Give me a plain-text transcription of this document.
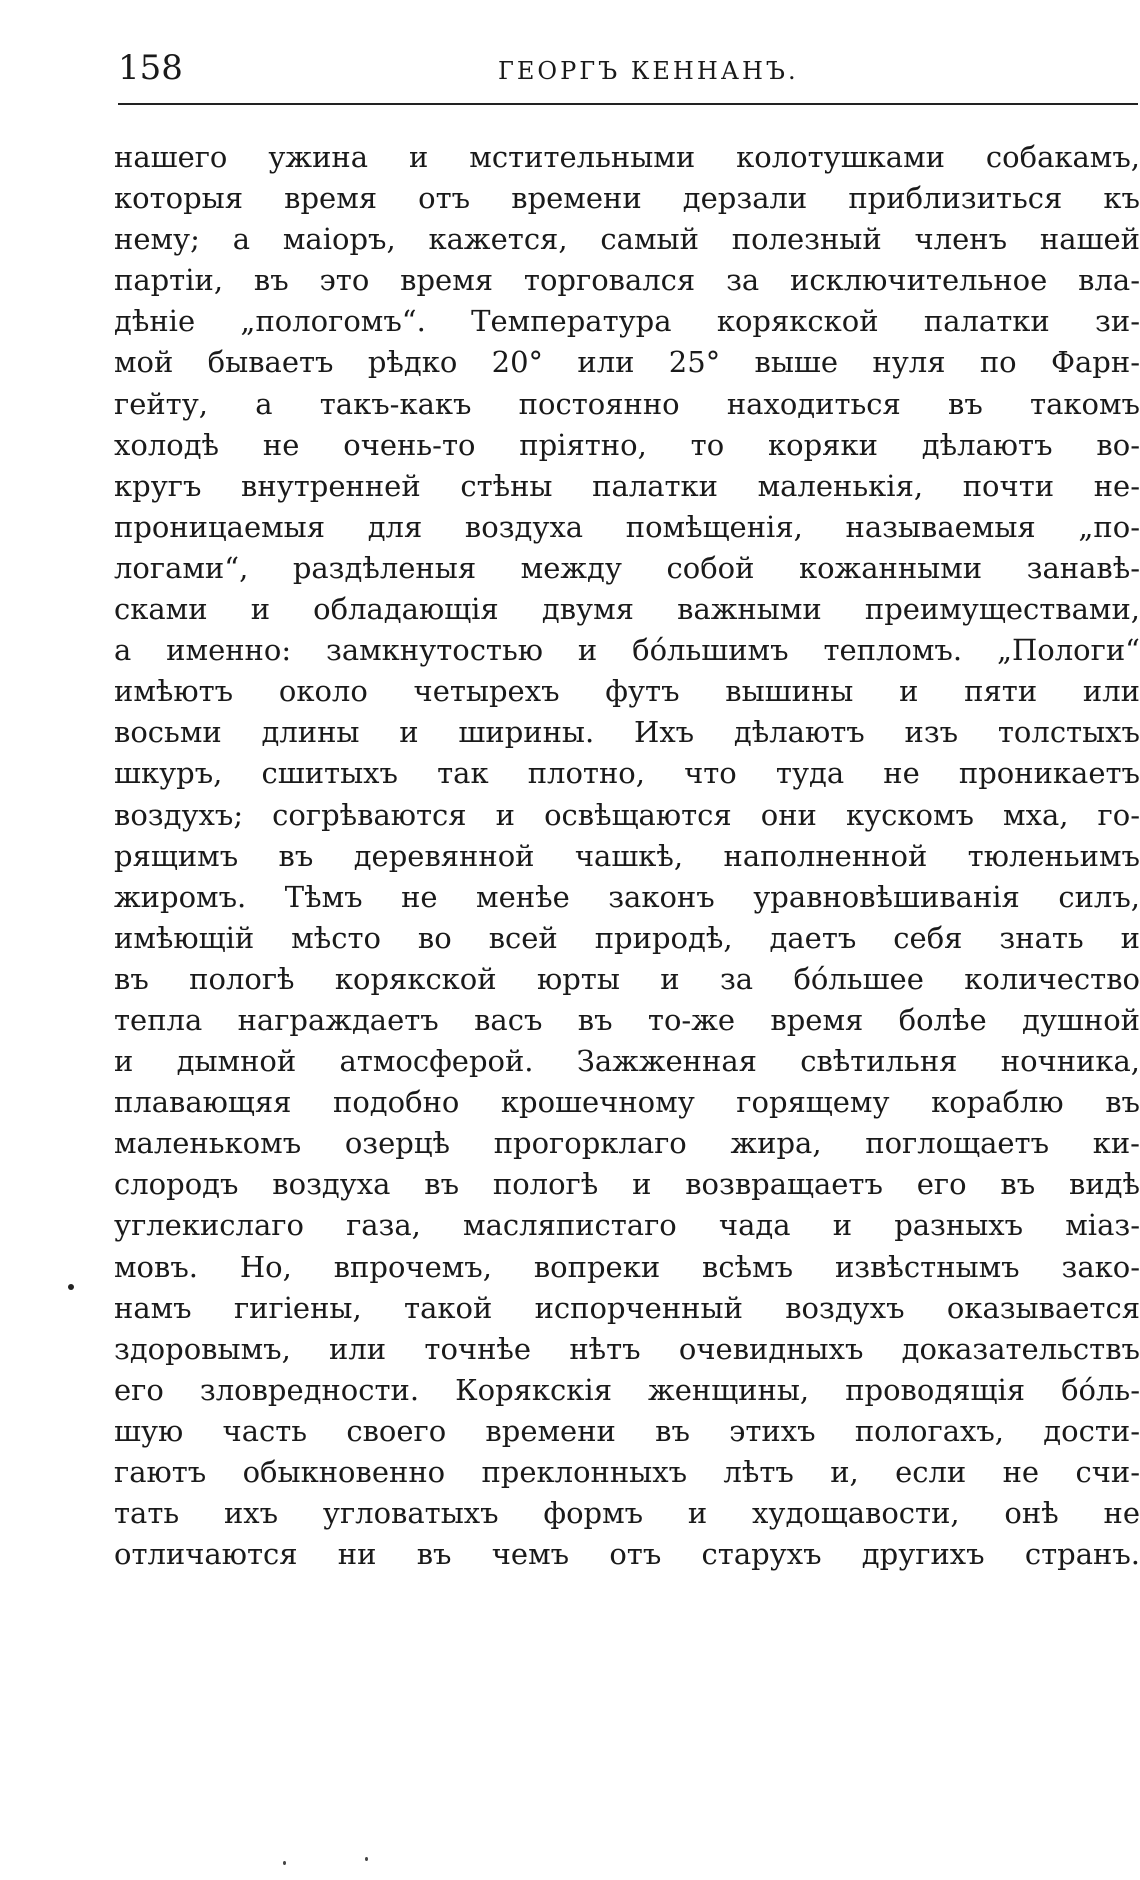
158	ГЕОРГЪ КЕННАНЪ.
нашего ужина и мстительными колотушками собакамъ,
которыя время отъ времени дерзали приблизиться къ
нему; а маіоръ, кажется, самый полезный членъ нашей
партіи, въ это время торговался за исключительное вла-
дѣніе „пологомъ“. Температура корякской палатки зи-
мой бываетъ рѣдко 20° или 25° выше нуля по Фарн-
гейту, а такъ-какъ постоянно находиться въ такомъ
холодѣ не очень-то пріятно, то коряки дѣлаютъ во-
кругъ внутренней стѣны палатки маленькія, почти не-
проницаемыя для воздуха помѣщенія, называемыя „по-
логами“, раздѣленыя между собой кожанными занавѣ-
сками и обладающія двумя важными преимуществами,
а именно: замкнутостью и бóльшимъ тепломъ. „Пологи“
имѣютъ около четырехъ футъ вышины и пяти или
восьми длины и ширины. Ихъ дѣлаютъ изъ толстыхъ
шкуръ, сшитыхъ так плотно, что туда не проникаетъ
воздухъ; согрѣваются и освѣщаются они кускомъ мха, го-
рящимъ въ деревянной чашкѣ, наполненной тюленьимъ
жиромъ. Тѣмъ не менѣе законъ уравновѣшиванія силъ,
имѣющій мѣсто во всей природѣ, даетъ себя знать и
въ пологѣ корякской юрты и за бóльшее количество
тепла награждаетъ васъ въ то-же время болѣе душной
и дымной атмосферой. Зажженная свѣтильня ночника,
плавающяя подобно крошечному горящему кораблю въ
маленькомъ озерцѣ прогорклаго жира, поглощаетъ ки-
слородъ воздуха въ пологѣ и возвращаетъ его въ видѣ
углекислаго газа, масляпистаго чада и разныхъ міаз-
мовъ. Но, впрочемъ, вопреки всѣмъ извѣстнымъ зако-
намъ гигіены, такой испорченный воздухъ оказывается
здоровымъ, или точнѣе нѣтъ очевидныхъ доказательствъ
его зловредности. Корякскія женщины, проводящія бóль-
шую часть своего времени въ этихъ пологахъ, дости-
гаютъ обыкновенно преклонныхъ лѣтъ и, если не счи-
тать ихъ угловатыхъ формъ и худощавости, онѣ не
отличаются ни въ чемъ отъ старухъ другихъ странъ.
